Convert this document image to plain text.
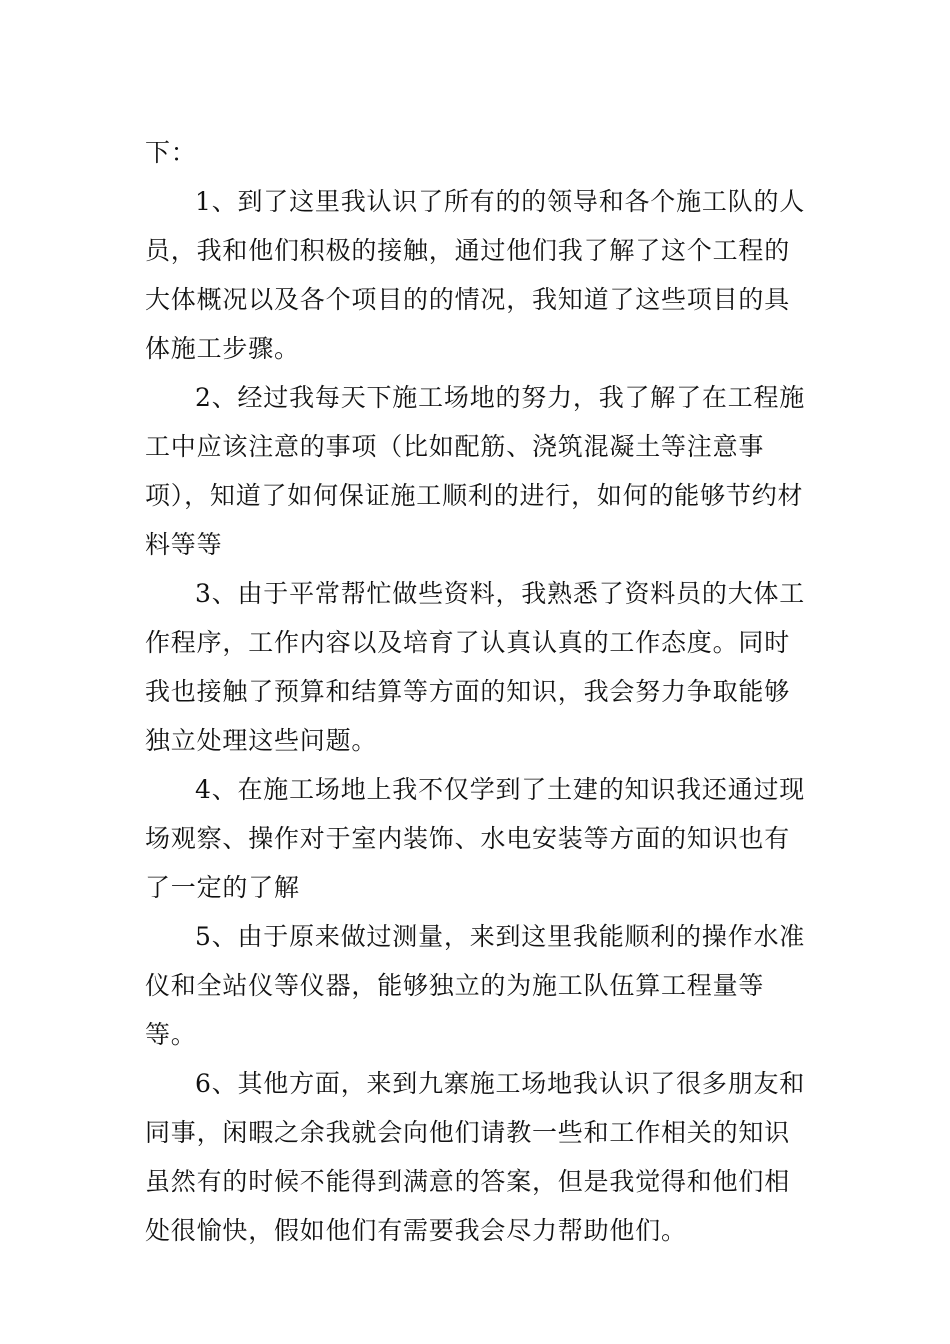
下：

1、到了这里我认识了所有的的领导和各个施工队的人员，我和他们积极的接触，通过他们我了解了这个工程的大体概况以及各个项目的的情况，我知道了这些项目的具体施工步骤。

2、经过我每天下施工场地的努力，我了解了在工程施工中应该注意的事项（比如配筋、浇筑混凝土等注意事项），知道了如何保证施工顺利的进行，如何的能够节约材料等等

3、由于平常帮忙做些资料，我熟悉了资料员的大体工作程序，工作内容以及培育了认真认真的工作态度。同时我也接触了预算和结算等方面的知识，我会努力争取能够独立处理这些问题。

4、在施工场地上我不仅学到了土建的知识我还通过现场观察、操作对于室内装饰、水电安装等方面的知识也有了一定的了解

5、由于原来做过测量，来到这里我能顺利的操作水准仪和全站仪等仪器，能够独立的为施工队伍算工程量等等。

6、其他方面，来到九寨施工场地我认识了很多朋友和同事，闲暇之余我就会向他们请教一些和工作相关的知识虽然有的时候不能得到满意的答案，但是我觉得和他们相处很愉快，假如他们有需要我会尽力帮助他们。
